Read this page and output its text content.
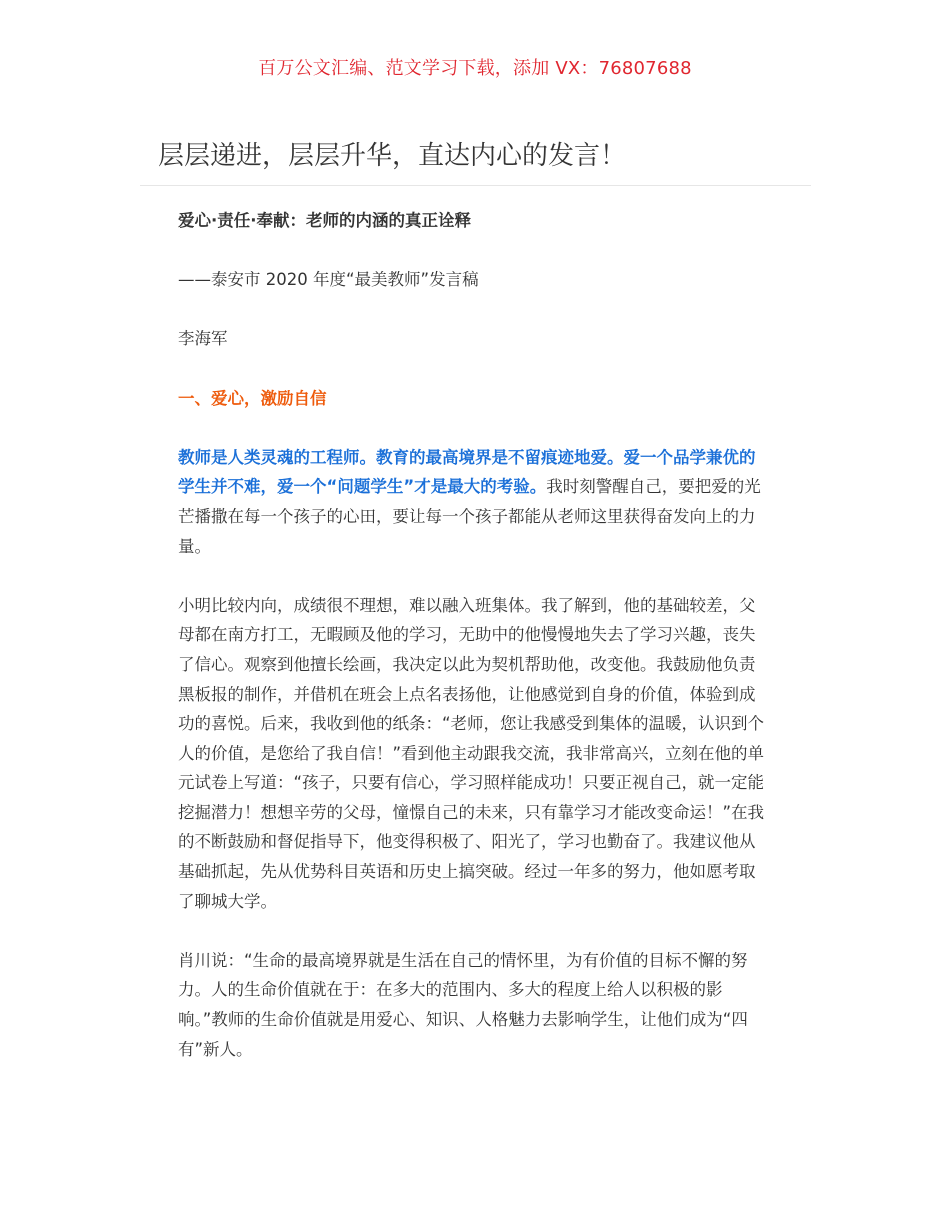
百万公文汇编、范文学习下载，添加 VX：76807688
层层递进，层层升华，直达内心的发言！

爱心·责任·奉献：老师的内涵的真正诠释

——泰安市 2020 年度“最美教师”发言稿

李海军

一、爱心，激励自信

教师是人类灵魂的工程师。教育的最高境界是不留痕迹地爱。爱一个品学兼优的学生并不难，爱一个“问题学生”才是最大的考验。我时刻警醒自己，要把爱的光芒播撒在每一个孩子的心田，要让每一个孩子都能从老师这里获得奋发向上的力量。

小明比较内向，成绩很不理想，难以融入班集体。我了解到，他的基础较差，父母都在南方打工，无暇顾及他的学习，无助中的他慢慢地失去了学习兴趣，丧失了信心。观察到他擅长绘画，我决定以此为契机帮助他，改变他。我鼓励他负责黑板报的制作，并借机在班会上点名表扬他，让他感觉到自身的价值，体验到成功的喜悦。后来，我收到他的纸条：“老师，您让我感受到集体的温暖，认识到个人的价值，是您给了我自信！”看到他主动跟我交流，我非常高兴，立刻在他的单元试卷上写道：“孩子，只要有信心，学习照样能成功！只要正视自己，就一定能挖掘潜力！想想辛劳的父母，憧憬自己的未来，只有靠学习才能改变命运！”在我的不断鼓励和督促指导下，他变得积极了、阳光了，学习也勤奋了。我建议他从基础抓起，先从优势科目英语和历史上搞突破。经过一年多的努力，他如愿考取了聊城大学。

肖川说：“生命的最高境界就是生活在自己的情怀里，为有价值的目标不懈的努力。人的生命价值就在于：在多大的范围内、多大的程度上给人以积极的影响。”教师的生命价值就是用爱心、知识、人格魅力去影响学生，让他们成为“四有”新人。
